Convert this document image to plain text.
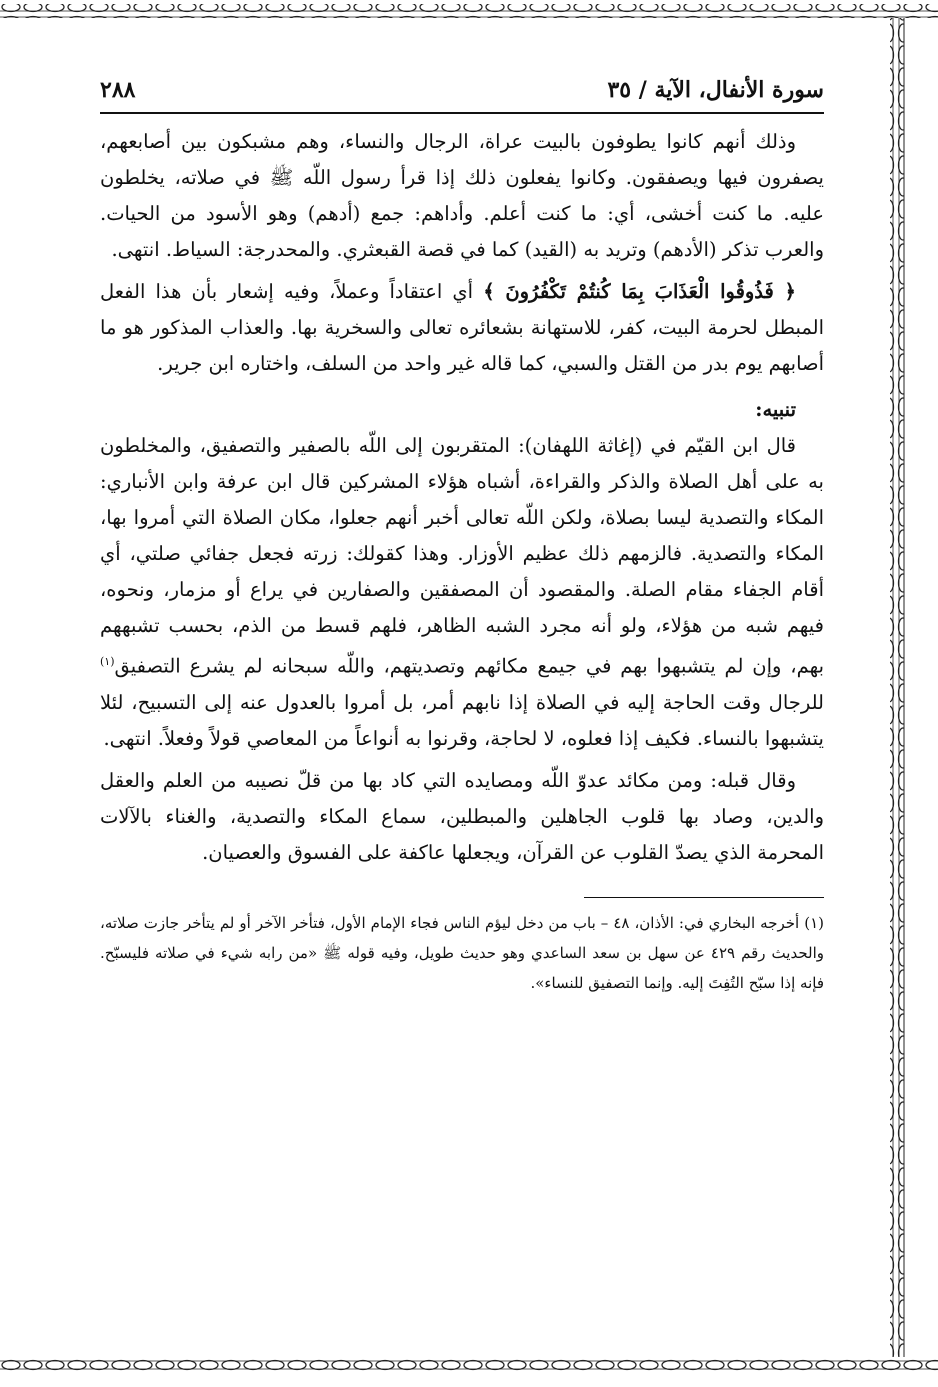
سورة الأنفال، الآية / ٣٥
٢٨٨

وذلك أنهم كانوا يطوفون بالبيت عراة، الرجال والنساء، وهم مشبكون بين أصابعهم، يصفرون فيها ويصفقون. وكانوا يفعلون ذلك إذا قرأ رسول اللّه ﷺ في صلاته، يخلطون عليه. ما كنت أخشى، أي: ما كنت أعلم. وأداهم: جمع (أدهم) وهو الأسود من الحيات. والعرب تذكر (الأدهم) وتريد به (القيد) كما في قصة القبعثري. والمحدرجة: السياط. انتهى.

﴿ فَذُوقُوا الْعَذَابَ بِمَا كُنتُمْ تَكْفُرُونَ ﴾ أي اعتقاداً وعملاً، وفيه إشعار بأن هذا الفعل المبطل لحرمة البيت، كفر، للاستهانة بشعائره تعالى والسخرية بها. والعذاب المذكور هو ما أصابهم يوم بدر من القتل والسبي، كما قاله غير واحد من السلف، واختاره ابن جرير.

تنبيه:

قال ابن القيّم في (إغاثة اللهفان): المتقربون إلى اللّه بالصفير والتصفيق، والمخلطون به على أهل الصلاة والذكر والقراءة، أشباه هؤلاء المشركين قال ابن عرفة وابن الأنباري: المكاء والتصدية ليسا بصلاة، ولكن اللّه تعالى أخبر أنهم جعلوا، مكان الصلاة التي أمروا بها، المكاء والتصدية. فالزمهم ذلك عظيم الأوزار. وهذا كقولك: زرته فجعل جفائي صلتي، أي أقام الجفاء مقام الصلة. والمقصود أن المصفقين والصفارين في يراع أو مزمار، ونحوه، فيهم شبه من هؤلاء، ولو أنه مجرد الشبه الظاهر، فلهم قسط من الذم، بحسب تشبههم بهم، وإن لم يتشبهوا بهم في جيمع مكائهم وتصديتهم، واللّه سبحانه لم يشرع التصفيق$^{(١)}$ للرجال وقت الحاجة إليه في الصلاة إذا نابهم أمر، بل أمروا بالعدول عنه إلى التسبيح، لئلا يتشبهوا بالنساء. فكيف إذا فعلوه، لا لحاجة، وقرنوا به أنواعاً من المعاصي قولاً وفعلاً. انتهى.

وقال قبله: ومن مكائد عدوّ اللّه ومصايده التي كاد بها من قلّ نصيبه من العلم والعقل والدين، وصاد بها قلوب الجاهلين والمبطلين، سماع المكاء والتصدية، والغناء بالآلات المحرمة الذي يصدّ القلوب عن القرآن، ويجعلها عاكفة على الفسوق والعصيان.

(١) أخرجه البخاري في: الأذان، ٤٨ – باب من دخل ليؤم الناس فجاء الإمام الأول، فتأخر الآخر أو لم يتأخر جازت صلاته، والحديث رقم ٤٢٩ عن سهل بن سعد الساعدي وهو حديث طويل، وفيه قوله ﷺ «من رابه شيء في صلاته فليسبّح. فإنه إذا سبّح التُفِتَ إليه. وإنما التصفيق للنساء».
